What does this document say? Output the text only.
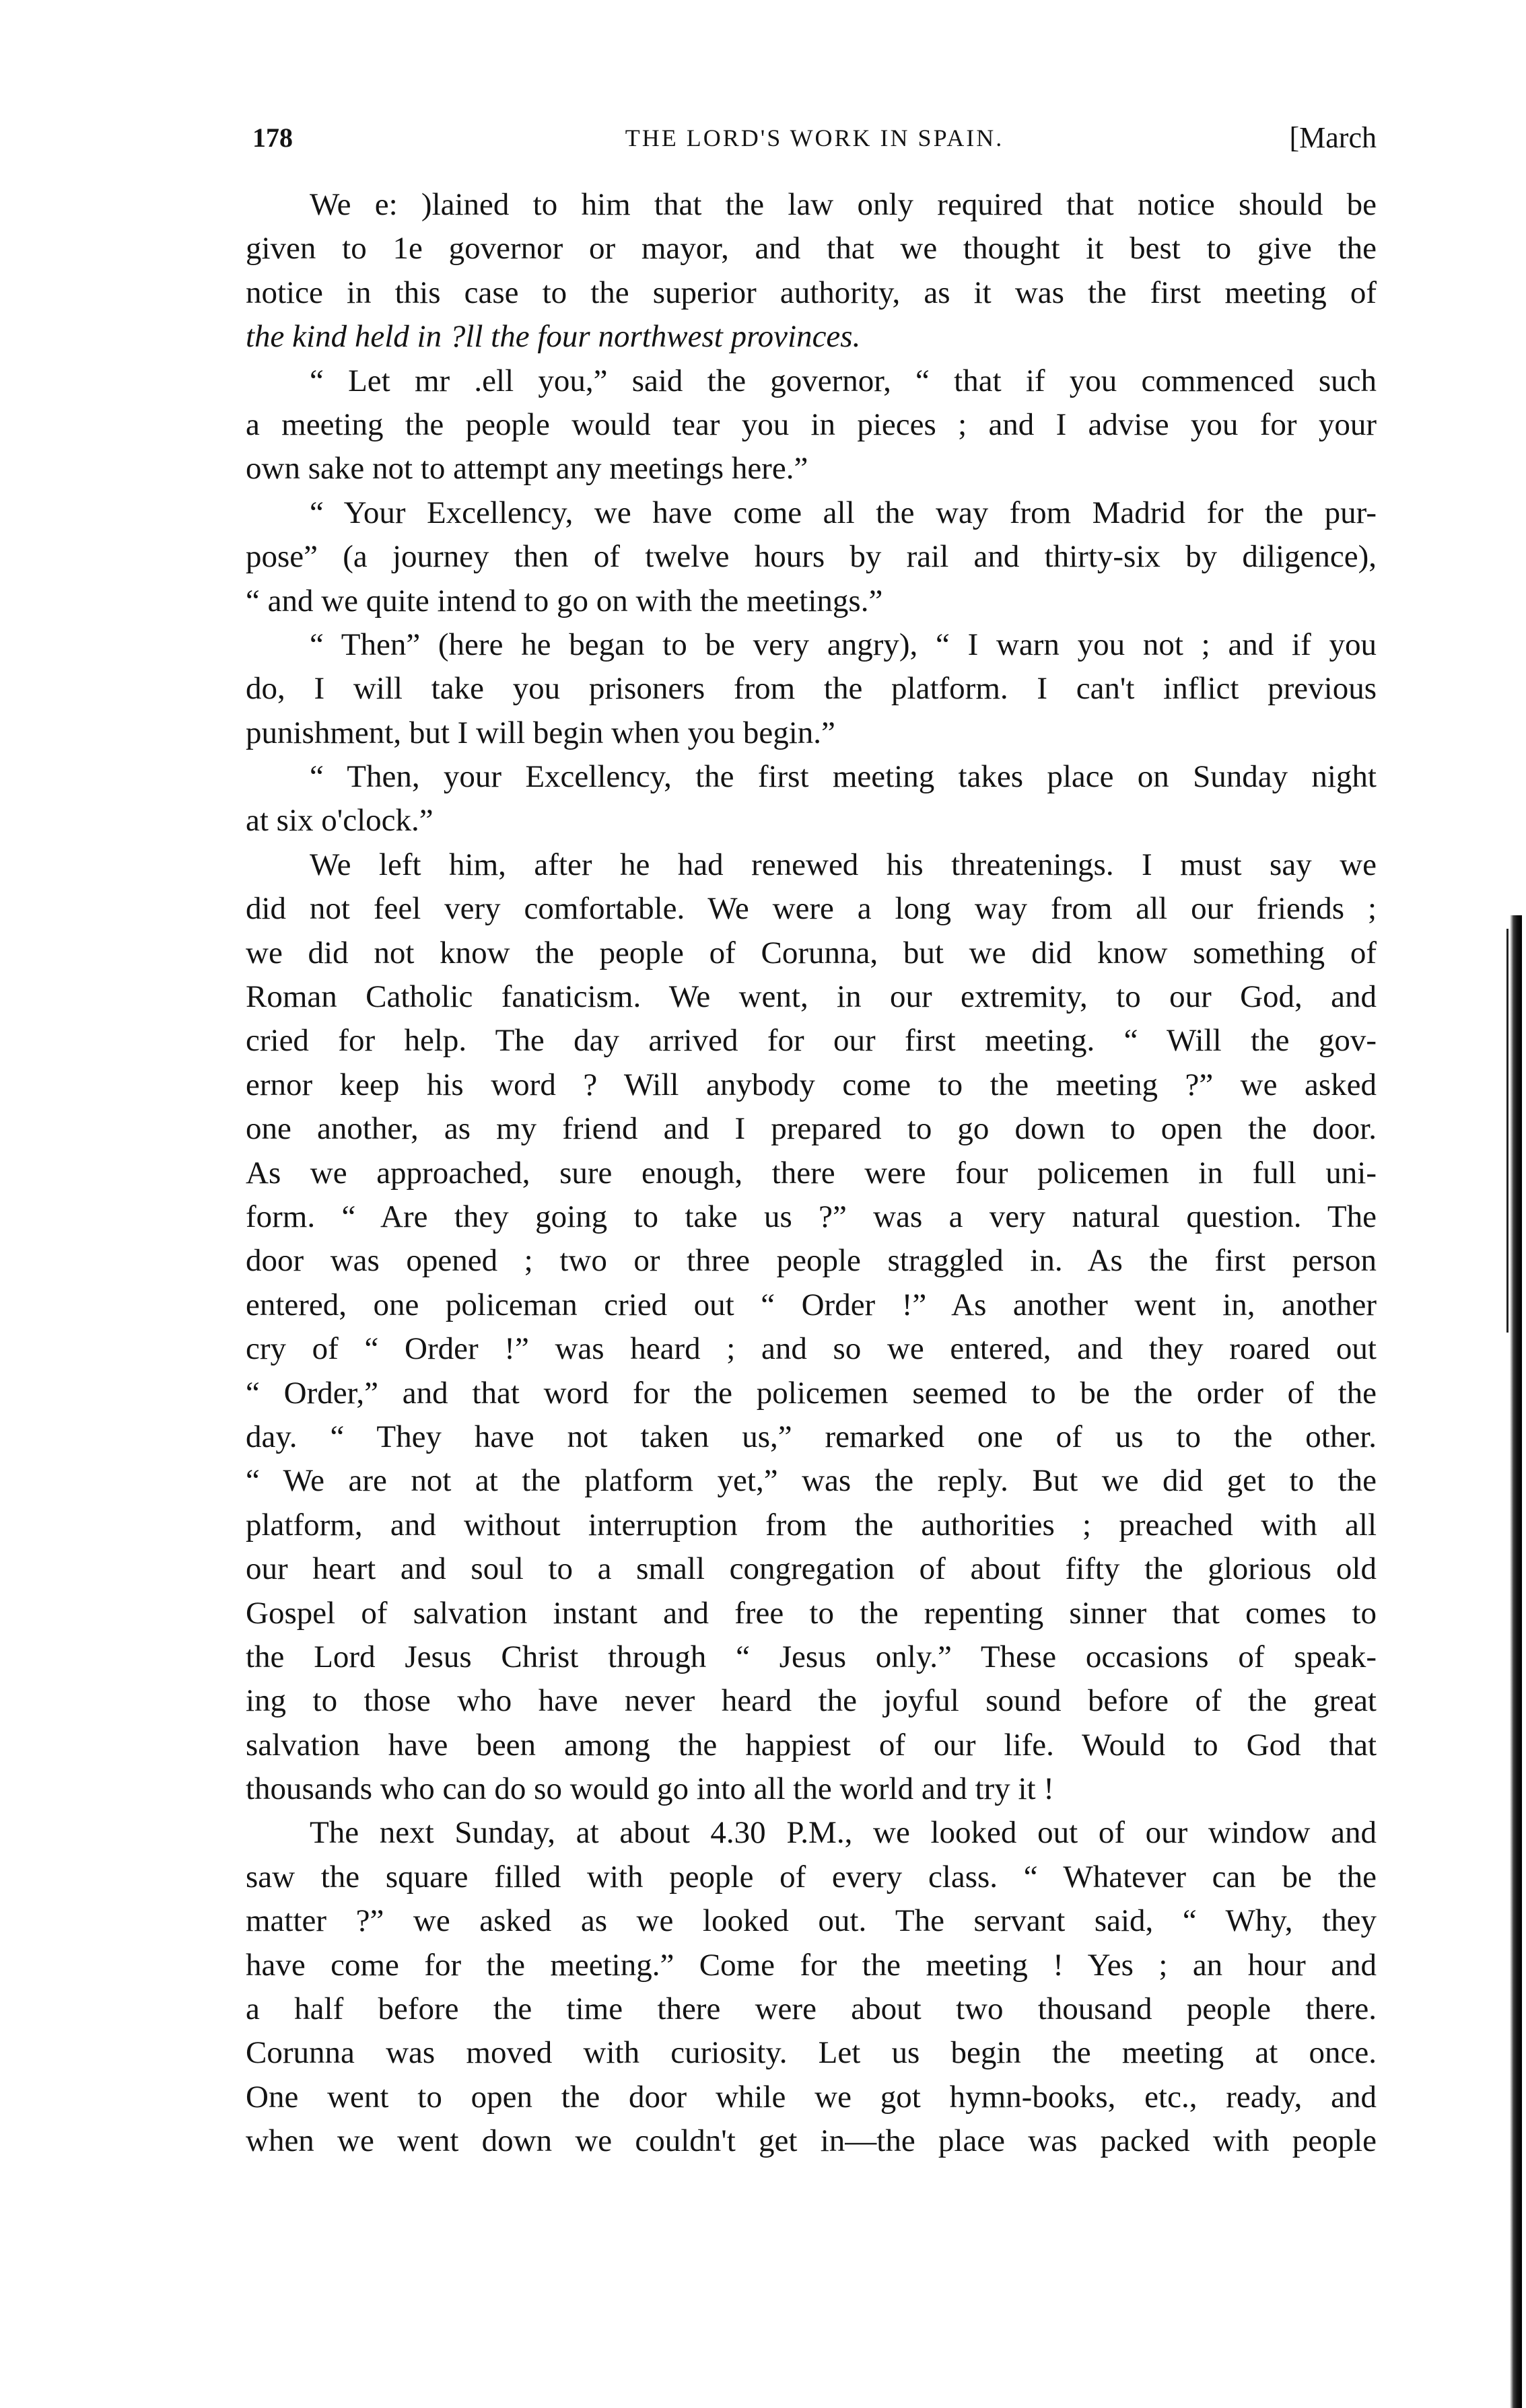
178	THE LORD'S WORK IN SPAIN.	[March
We e: )lained to him that the law only required that notice should be
given to 1e governor or mayor, and that we thought it best to give the
notice in this case to the superior authority, as it was the first meeting of
the kind held in ?ll the four northwest provinces.
“ Let mr .ell you,” said the governor, “ that if you commenced such
a meeting the people would tear you in pieces ; and I advise you for your
own sake not to attempt any meetings here.”
“ Your Excellency, we have come all the way from Madrid for the pur-
pose” (a journey then of twelve hours by rail and thirty-six by diligence),
“ and we quite intend to go on with the meetings.”
“ Then” (here he began to be very angry), “ I warn you not ; and if you
do, I will take you prisoners from the platform. I can't inflict previous
punishment, but I will begin when you begin.”
“ Then, your Excellency, the first meeting takes place on Sunday night
at six o'clock.”
We left him, after he had renewed his threatenings. I must say we
did not feel very comfortable. We were a long way from all our friends ;
we did not know the people of Corunna, but we did know something of
Roman Catholic fanaticism. We went, in our extremity, to our God, and
cried for help. The day arrived for our first meeting. “ Will the gov-
ernor keep his word ? Will anybody come to the meeting ?” we asked
one another, as my friend and I prepared to go down to open the door.
As we approached, sure enough, there were four policemen in full uni-
form. “ Are they going to take us ?” was a very natural question. The
door was opened ; two or three people straggled in. As the first person
entered, one policeman cried out “ Order !” As another went in, another
cry of “ Order !” was heard ; and so we entered, and they roared out
“ Order,” and that word for the policemen seemed to be the order of the
day. “ They have not taken us,” remarked one of us to the other.
“ We are not at the platform yet,” was the reply. But we did get to the
platform, and without interruption from the authorities ; preached with all
our heart and soul to a small congregation of about fifty the glorious old
Gospel of salvation instant and free to the repenting sinner that comes to
the Lord Jesus Christ through “ Jesus only.” These occasions of speak-
ing to those who have never heard the joyful sound before of the great
salvation have been among the happiest of our life. Would to God that
thousands who can do so would go into all the world and try it !
The next Sunday, at about 4.30 P.M., we looked out of our window and
saw the square filled with people of every class. “ Whatever can be the
matter ?” we asked as we looked out. The servant said, “ Why, they
have come for the meeting.” Come for the meeting ! Yes ; an hour and
a half before the time there were about two thousand people there.
Corunna was moved with curiosity. Let us begin the meeting at once.
One went to open the door while we got hymn-books, etc., ready, and
when we went down we couldn't get in—the place was packed with people
